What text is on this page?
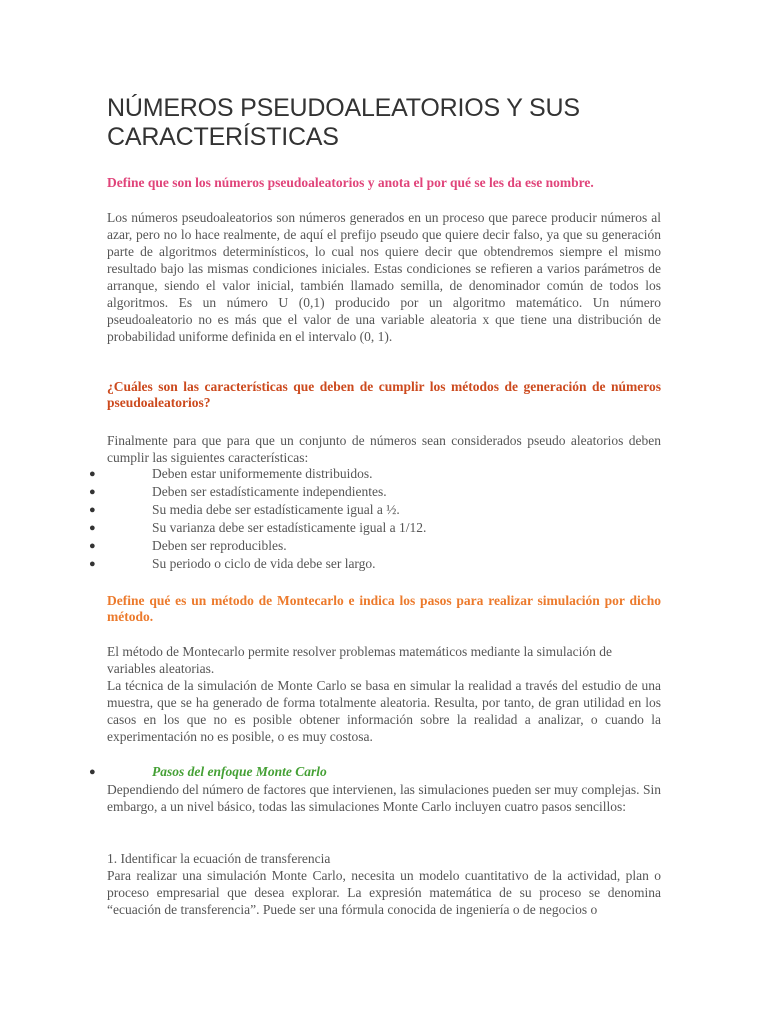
NÚMEROS PSEUDOALEATORIOS Y SUS CARACTERÍSTICAS

Define que son los números pseudoaleatorios y anota el por qué se les da ese nombre.

Los números pseudoaleatorios son números generados en un proceso que parece producir números al azar, pero no lo hace realmente, de aquí el prefijo pseudo que quiere decir falso, ya que su generación parte de algoritmos determinísticos, lo cual nos quiere decir que obtendremos siempre el mismo resultado bajo las mismas condiciones iniciales. Estas condiciones se refieren a varios parámetros de arranque, siendo el valor inicial, también llamado semilla, de denominador común de todos los algoritmos. Es un número U (0,1) producido por un algoritmo matemático. Un número pseudoaleatorio no es más que el valor de una variable aleatoria x que tiene una distribución de probabilidad uniforme definida en el intervalo (0, 1).

¿Cuáles son las características que deben de cumplir los métodos de generación de números pseudoaleatorios?

Finalmente para que para que un conjunto de números sean considerados pseudo aleatorios deben cumplir las siguientes características:

●	Deben estar uniformemente distribuidos.
●	Deben ser estadísticamente independientes.
●	Su media debe ser estadísticamente igual a ½.
●	Su varianza debe ser estadísticamente igual a 1/12.
●	Deben ser reproducibles.
●	Su periodo o ciclo de vida debe ser largo.

Define qué es un método de Montecarlo e indica los pasos para realizar simulación por dicho método.

El método de Montecarlo permite resolver problemas matemáticos mediante la simulación de variables aleatorias.

La técnica de la simulación de Monte Carlo se basa en simular la realidad a través del estudio de una muestra, que se ha generado de forma totalmente aleatoria. Resulta, por tanto, de gran utilidad en los casos en los que no es posible obtener información sobre la realidad a analizar, o cuando la experimentación no es posible, o es muy costosa.

●	Pasos del enfoque Monte Carlo

Dependiendo del número de factores que intervienen, las simulaciones pueden ser muy complejas. Sin embargo, a un nivel básico, todas las simulaciones Monte Carlo incluyen cuatro pasos sencillos:

1. Identificar la ecuación de transferencia

Para realizar una simulación Monte Carlo, necesita un modelo cuantitativo de la actividad, plan o proceso empresarial que desea explorar. La expresión matemática de su proceso se denomina “ecuación de transferencia”. Puede ser una fórmula conocida de ingeniería o de negocios o
